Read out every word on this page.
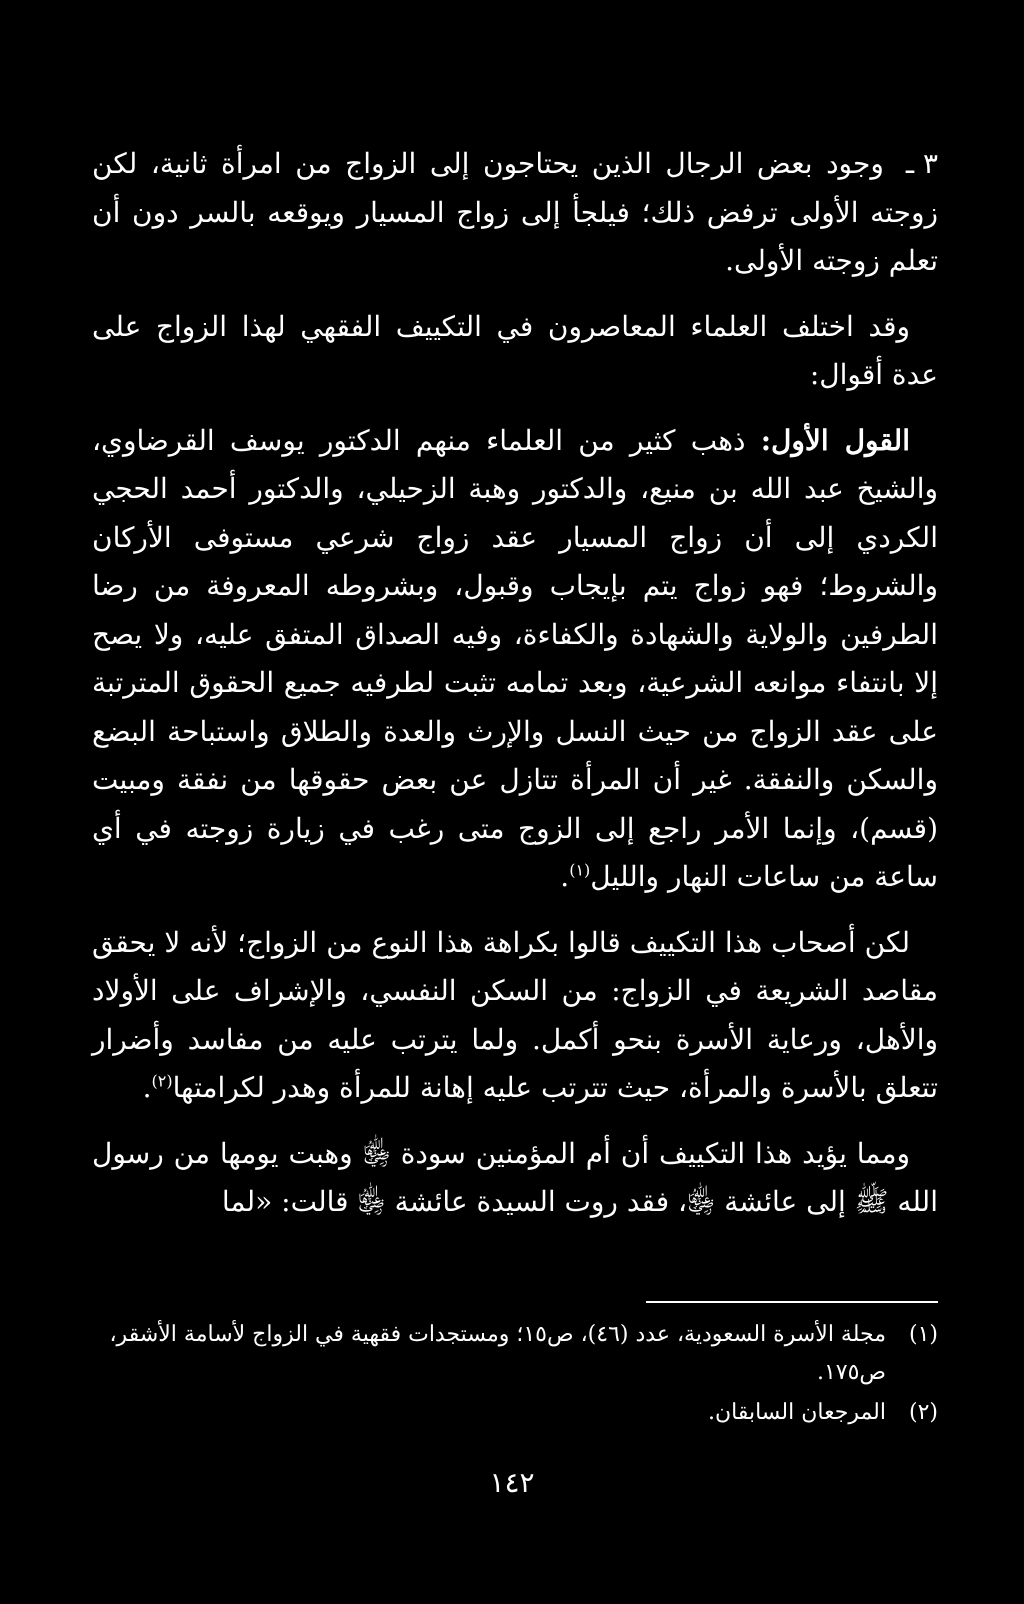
٣ ـوجود بعض الرجال الذين يحتاجون إلى الزواج من امرأة ثانية، لكن زوجته الأولى ترفض ذلك؛ فيلجأ إلى زواج المسيار ويوقعه بالسر دون أن تعلم زوجته الأولى.

وقد اختلف العلماء المعاصرون في التكييف الفقهي لهذا الزواج على عدة أقوال:

القول الأول: ذهب كثير من العلماء منهم الدكتور يوسف القرضاوي، والشيخ عبد الله بن منيع، والدكتور وهبة الزحيلي، والدكتور أحمد الحجي الكردي إلى أن زواج المسيار عقد زواج شرعي مستوفى الأركان والشروط؛ فهو زواج يتم بإيجاب وقبول، وبشروطه المعروفة من رضا الطرفين والولاية والشهادة والكفاءة، وفيه الصداق المتفق عليه، ولا يصح إلا بانتفاء موانعه الشرعية، وبعد تمامه تثبت لطرفيه جميع الحقوق المترتبة على عقد الزواج من حيث النسل والإرث والعدة والطلاق واستباحة البضع والسكن والنفقة. غير أن المرأة تتازل عن بعض حقوقها من نفقة ومبيت (قسم)، وإنما الأمر راجع إلى الزوج متى رغب في زيارة زوجته في أي ساعة من ساعات النهار والليل$^{(١)}$.

لكن أصحاب هذا التكييف قالوا بكراهة هذا النوع من الزواج؛ لأنه لا يحقق مقاصد الشريعة في الزواج: من السكن النفسي، والإشراف على الأولاد والأهل، ورعاية الأسرة بنحو أكمل. ولما يترتب عليه من مفاسد وأضرار تتعلق بالأسرة والمرأة، حيث تترتب عليه إهانة للمرأة وهدر لكرامتها$^{(٢)}$.

ومما يؤيد هذا التكييف أن أم المؤمنين سودة ﵂ وهبت يومها من رسول الله ﷺ إلى عائشة ﵂، فقد روت السيدة عائشة ﵂ قالت: «لما

(١)
مجلة الأسرة السعودية، عدد (٤٦)، ص١٥؛ ومستجدات فقهية في الزواج لأسامة الأشقر، ص١٧٥.

(٢)
المرجعان السابقان.

١٤٢
